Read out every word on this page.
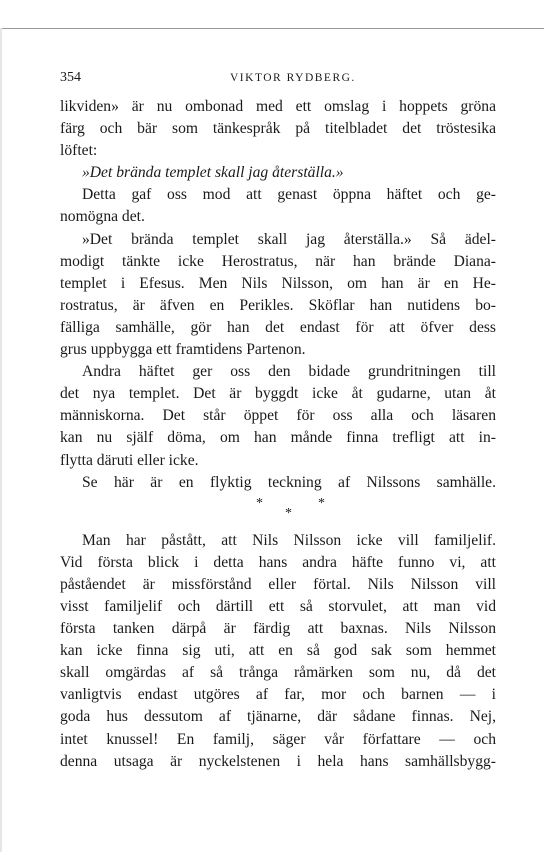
354	VIKTOR RYDBERG.
likviden» är nu ombonad med ett omslag i hoppets gröna
färg och bär som tänkespråk på titelbladet det tröstesika
löftet:
»Det brända templet skall jag återställa.»
Detta gaf oss mod att genast öppna häftet och ge-
nomögna det.
»Det brända templet skall jag återställa.» Så ädel-
modigt tänkte icke Herostratus, när han brände Diana-
templet i Efesus. Men Nils Nilsson, om han är en He-
rostratus, är äfven en Perikles. Sköflar han nutidens bo-
fälliga samhälle, gör han det endast för att öfver dess
grus uppbygga ett framtidens Partenon.
Andra häftet ger oss den bidade grundritningen till
det nya templet. Det är byggdt icke åt gudarne, utan åt
människorna. Det står öppet för oss alla och läsaren
kan nu själf döma, om han månde finna trefligt att in-
flytta däruti eller icke.
Se här är en flyktig teckning af Nilssons samhälle.
*
*
*
Man har påstått, att Nils Nilsson icke vill familjelif.
Vid första blick i detta hans andra häfte funno vi, att
påståendet är missförstånd eller förtal. Nils Nilsson vill
visst familjelif och därtill ett så storvulet, att man vid
första tanken därpå är färdig att baxnas. Nils Nilsson
kan icke finna sig uti, att en så god sak som hemmet
skall omgärdas af så trånga råmärken som nu, då det
vanligtvis endast utgöres af far, mor och barnen — i
goda hus dessutom af tjänarne, där sådane finnas. Nej,
intet knussel! En familj, säger vår författare — och
denna utsaga är nyckelstenen i hela hans samhällsbygg-
